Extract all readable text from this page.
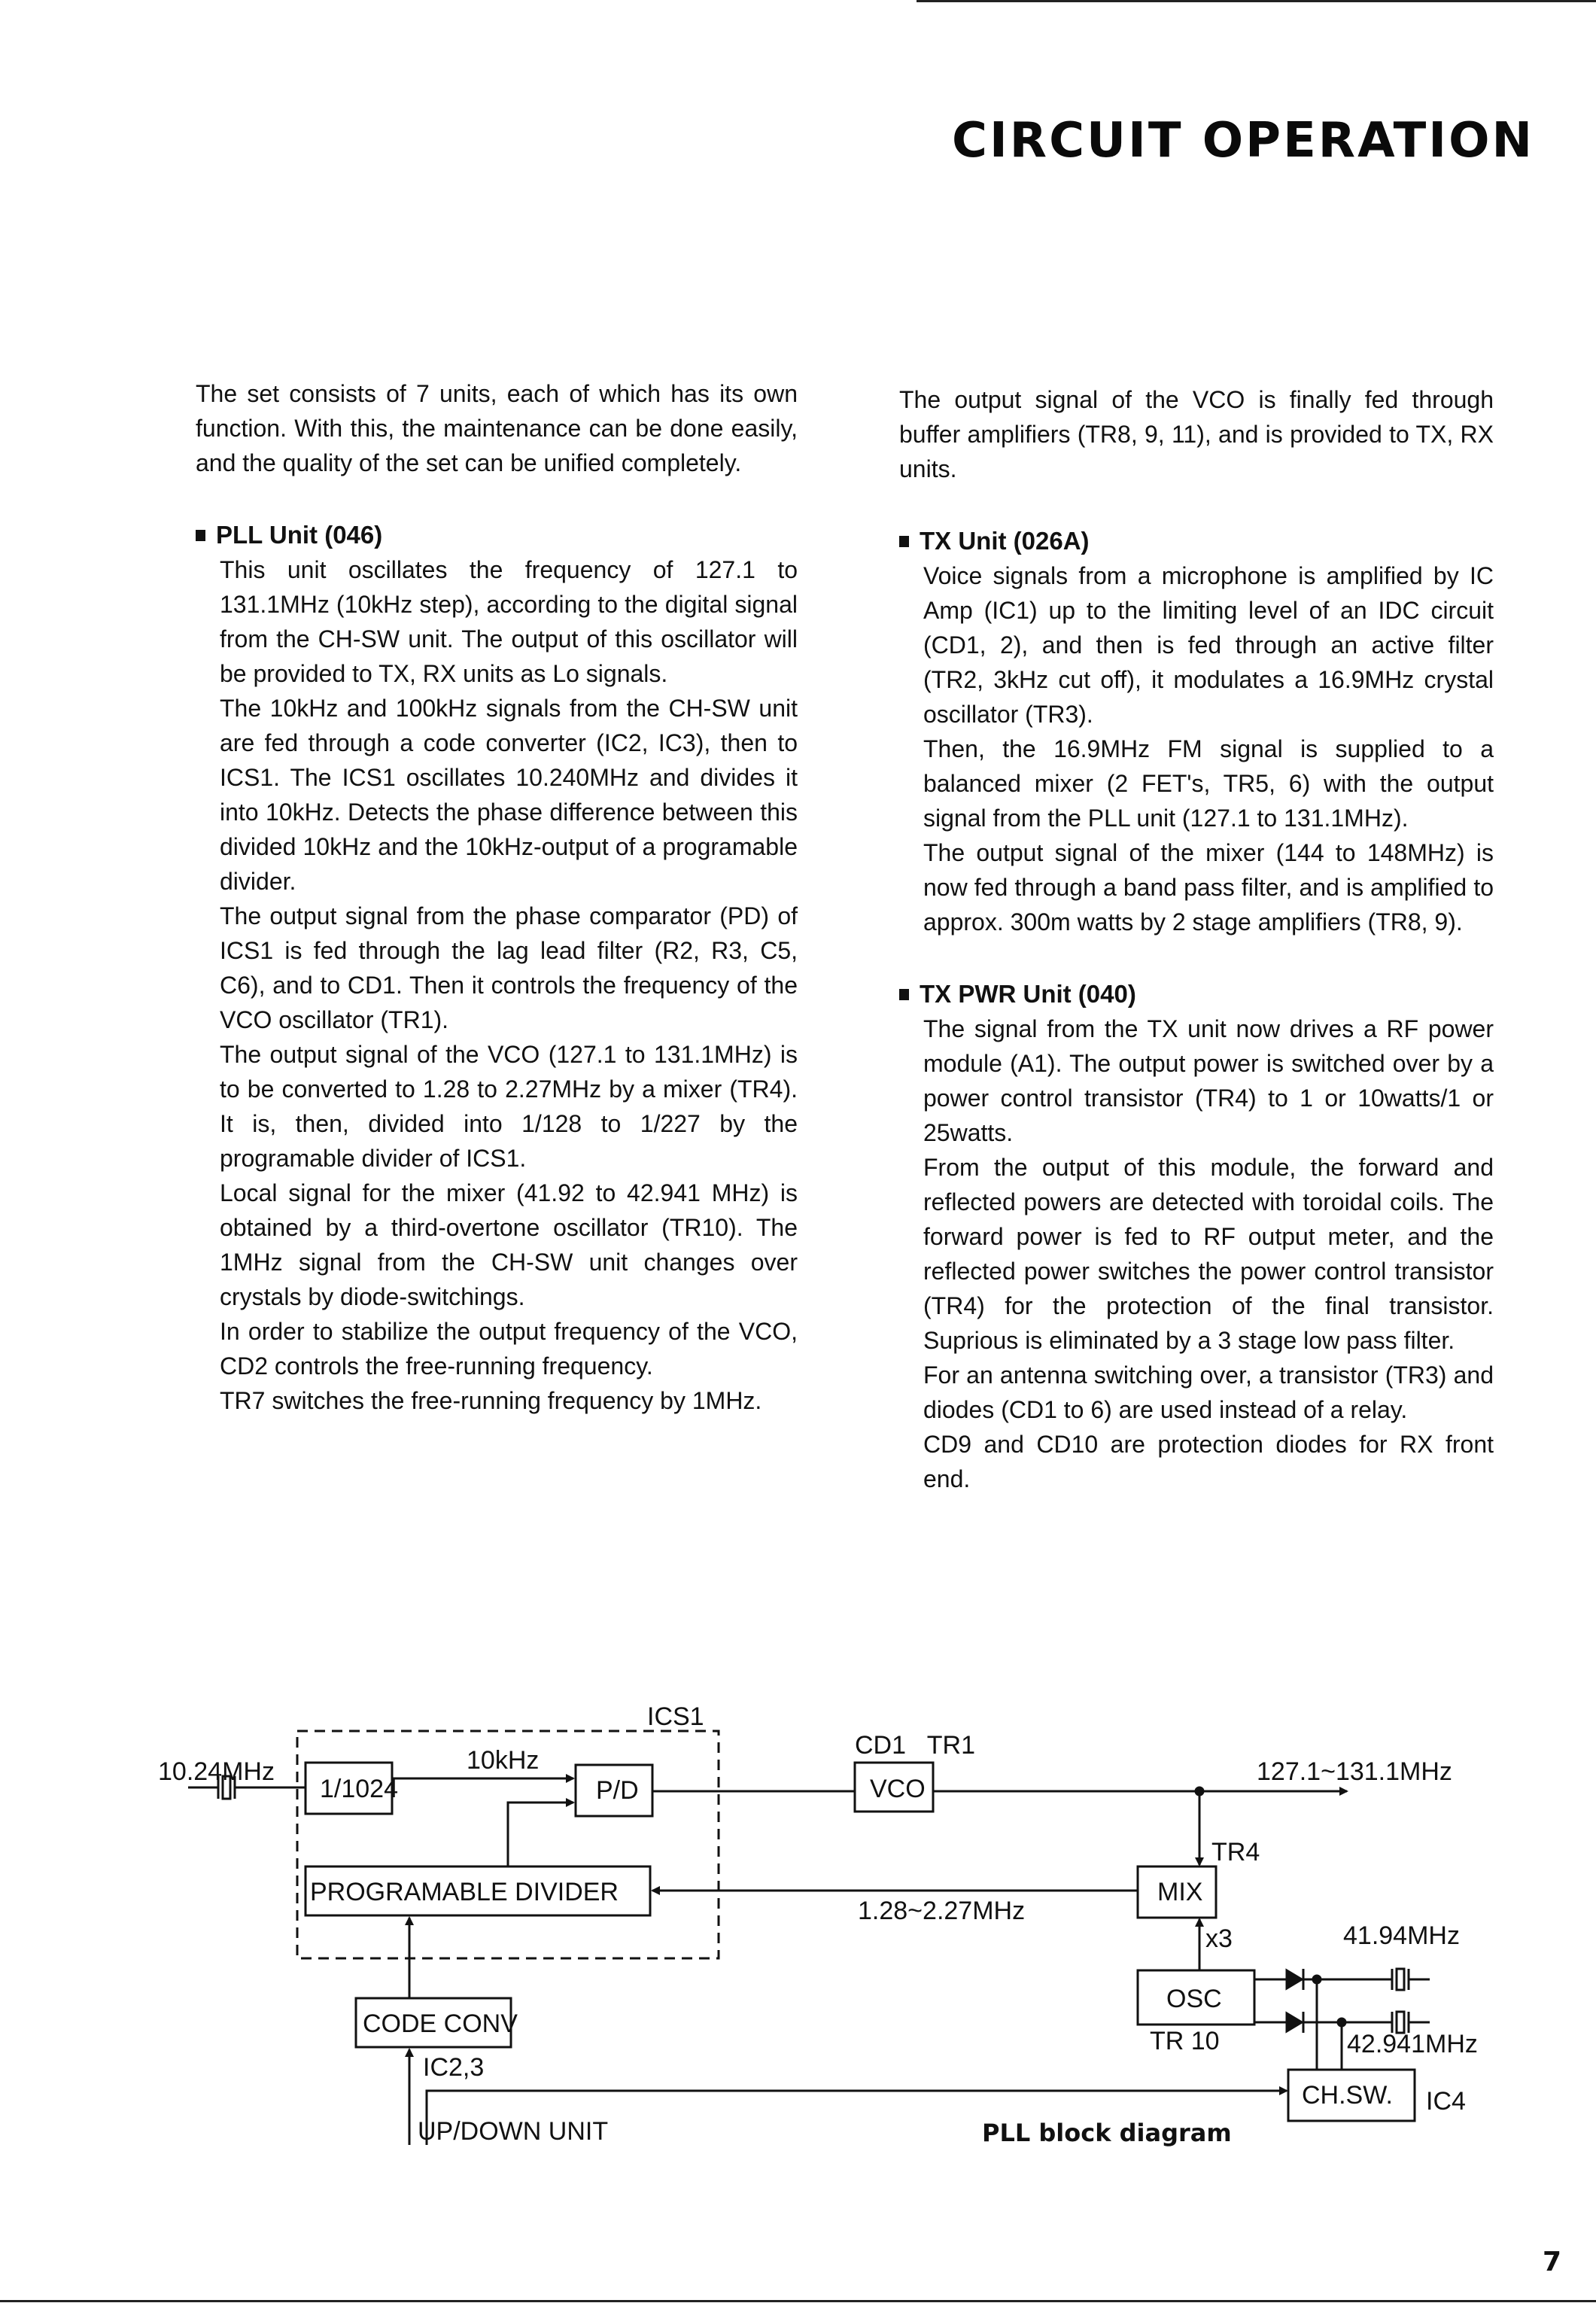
CIRCUIT OPERATION

The set consists of 7 units, each of which has its own function. With this, the maintenance can be done easily, and the quality of the set can be unified completely.

PLL Unit (046)

This unit oscillates the frequency of 127.1 to 131.1MHz (10kHz step), according to the digital signal from the CH-SW unit. The output of this oscillator will be provided to TX, RX units as Lo signals.

The 10kHz and 100kHz signals from the CH-SW unit are fed through a code converter (IC2, IC3), then to ICS1. The ICS1 oscillates 10.240MHz and divides it into 10kHz. Detects the phase difference between this divided 10kHz and the 10kHz-output of a programable divider.

The output signal from the phase comparator (PD) of ICS1 is fed through the lag lead filter (R2, R3, C5, C6), and to CD1. Then it controls the frequency of the VCO oscillator (TR1).

The output signal of the VCO (127.1 to 131.1MHz) is to be converted to 1.28 to 2.27MHz by a mixer (TR4). It is, then, divided into 1/128 to 1/227 by the programable divider of ICS1.

Local signal for the mixer (41.92 to 42.941 MHz) is obtained by a third-overtone oscillator (TR10). The 1MHz signal from the CH-SW unit changes over crystals by diode-switchings.

In order to stabilize the output frequency of the VCO, CD2 controls the free-running frequency.

TR7 switches the free-running frequency by 1MHz.

The output signal of the VCO is finally fed through buffer amplifiers (TR8, 9, 11), and is provided to TX, RX units.

TX Unit (026A)

Voice signals from a microphone is amplified by IC Amp (IC1) up to the limiting level of an IDC circuit (CD1, 2), and then is fed through an active filter (TR2, 3kHz cut off), it modulates a 16.9MHz crystal oscillator (TR3).

Then, the 16.9MHz FM signal is supplied to a balanced mixer (2 FET's, TR5, 6) with the output signal from the PLL unit (127.1 to 131.1MHz).

The output signal of the mixer (144 to 148MHz) is now fed through a band pass filter, and is amplified to approx. 300m watts by 2 stage amplifiers (TR8, 9).

TX PWR Unit (040)

The signal from the TX unit now drives a RF power module (A1). The output power is switched over by a power control transistor (TR4) to 1 or 10watts/1 or 25watts.

From the output of this module, the forward and reflected powers are detected with toroidal coils. The forward power is fed to RF output meter, and the reflected power switches the power control transistor (TR4) for the protection of the final transistor. Suprious is eliminated by a 3 stage low pass filter.

For an antenna switching over, a transistor (TR3) and diodes (CD1 to 6) are used instead of a relay.

CD9 and CD10 are protection diodes for RX front end.

10.24MHz
ICS1
1/1024
10kHz
P/D
PROGRAMABLE DIVIDER
CODE CONV
IC2,3
UP/DOWN UNIT
CD1   TR1
VCO
127.1~131.1MHz
TR4
MIX
1.28~2.27MHz
x3
OSC
TR 10
41.94MHz
42.941MHz
CH.SW. IC4
PLL block diagram
7
